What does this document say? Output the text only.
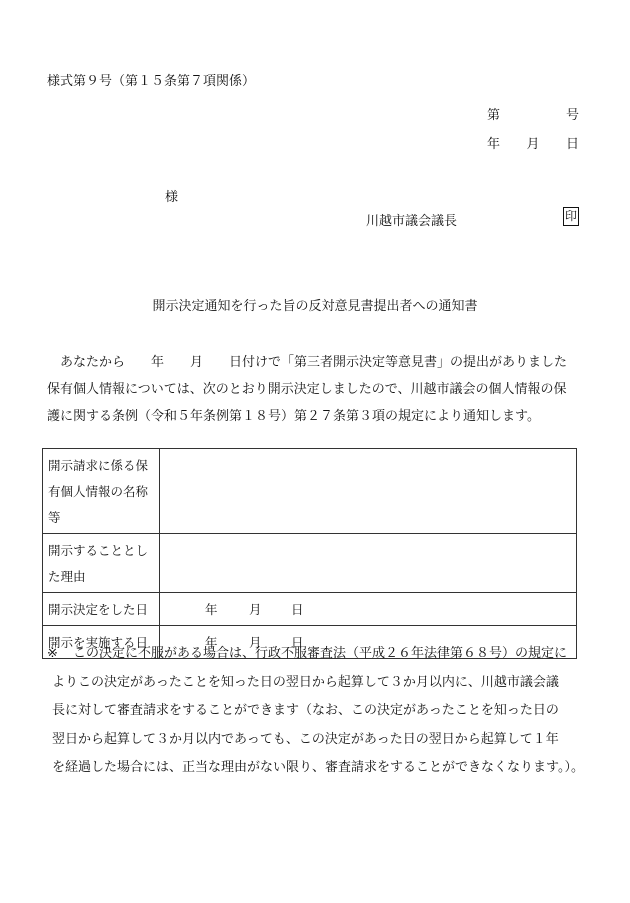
様式第９号（第１５条第７項関係）
第	号
年 月 日
様
川越市議会議長	印
開示決定通知を行った旨の反対意見書提出者への通知書
あなたから　　年　　月　　日付けで「第三者開示決定等意見書」の提出がありました
保有個人情報については、次のとおり開示決定しましたので、川越市議会の個人情報の保
護に関する条例（令和５年条例第１８号）第２７条第３項の規定により通知します。
開示請求に係る保
有個人情報の名称
等	

開示することとし
た理由	

開示決定をした日	年 月 日

開示を実施する日	年 月 日
※ この決定に不服がある場合は、行政不服審査法（平成２６年法律第６８号）の規定に
よりこの決定があったことを知った日の翌日から起算して３か月以内に、川越市議会議
長に対して審査請求をすることができます（なお、この決定があったことを知った日の
翌日から起算して３か月以内であっても、この決定があった日の翌日から起算して１年
を経過した場合には、正当な理由がない限り、審査請求をすることができなくなります。）。
